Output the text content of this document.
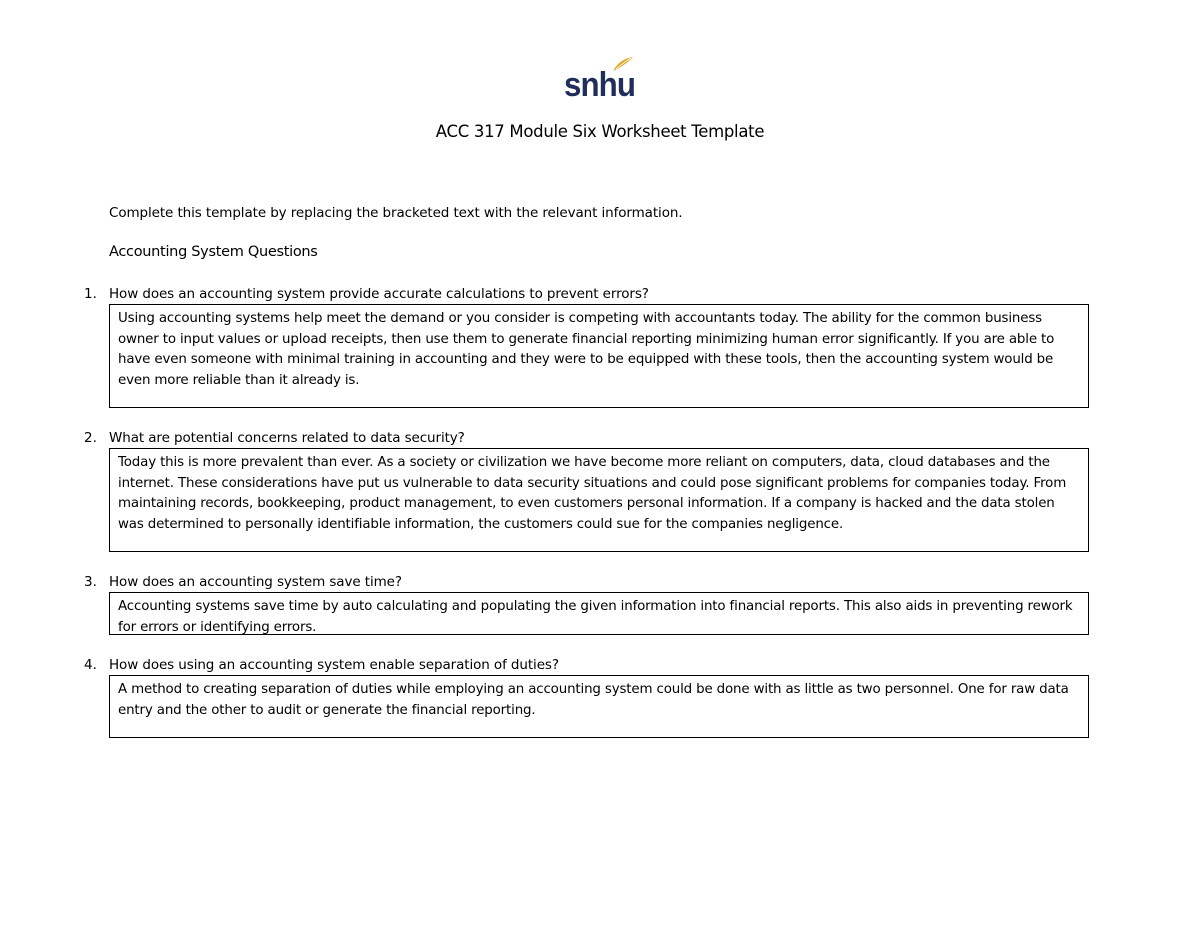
snhu
ACC 317 Module Six Worksheet Template
Complete this template by replacing the bracketed text with the relevant information.
Accounting System Questions
1. How does an accounting system provide accurate calculations to prevent errors?
Using accounting systems help meet the demand or you consider is competing with accountants today. The ability for the common business owner to input values or upload receipts, then use them to generate financial reporting minimizing human error significantly. If you are able to have even someone with minimal training in accounting and they were to be equipped with these tools, then the accounting system would be even more reliable than it already is.
2. What are potential concerns related to data security?
Today this is more prevalent than ever. As a society or civilization we have become more reliant on computers, data, cloud databases and the internet. These considerations have put us vulnerable to data security situations and could pose significant problems for companies today. From maintaining records, bookkeeping, product management, to even customers personal information. If a company is hacked and the data stolen was determined to personally identifiable information, the customers could sue for the companies negligence.
3. How does an accounting system save time?
Accounting systems save time by auto calculating and populating the given information into financial reports. This also aids in preventing rework for errors or identifying errors.
4. How does using an accounting system enable separation of duties?
A method to creating separation of duties while employing an accounting system could be done with as little as two personnel. One for raw data entry and the other to audit or generate the financial reporting.
